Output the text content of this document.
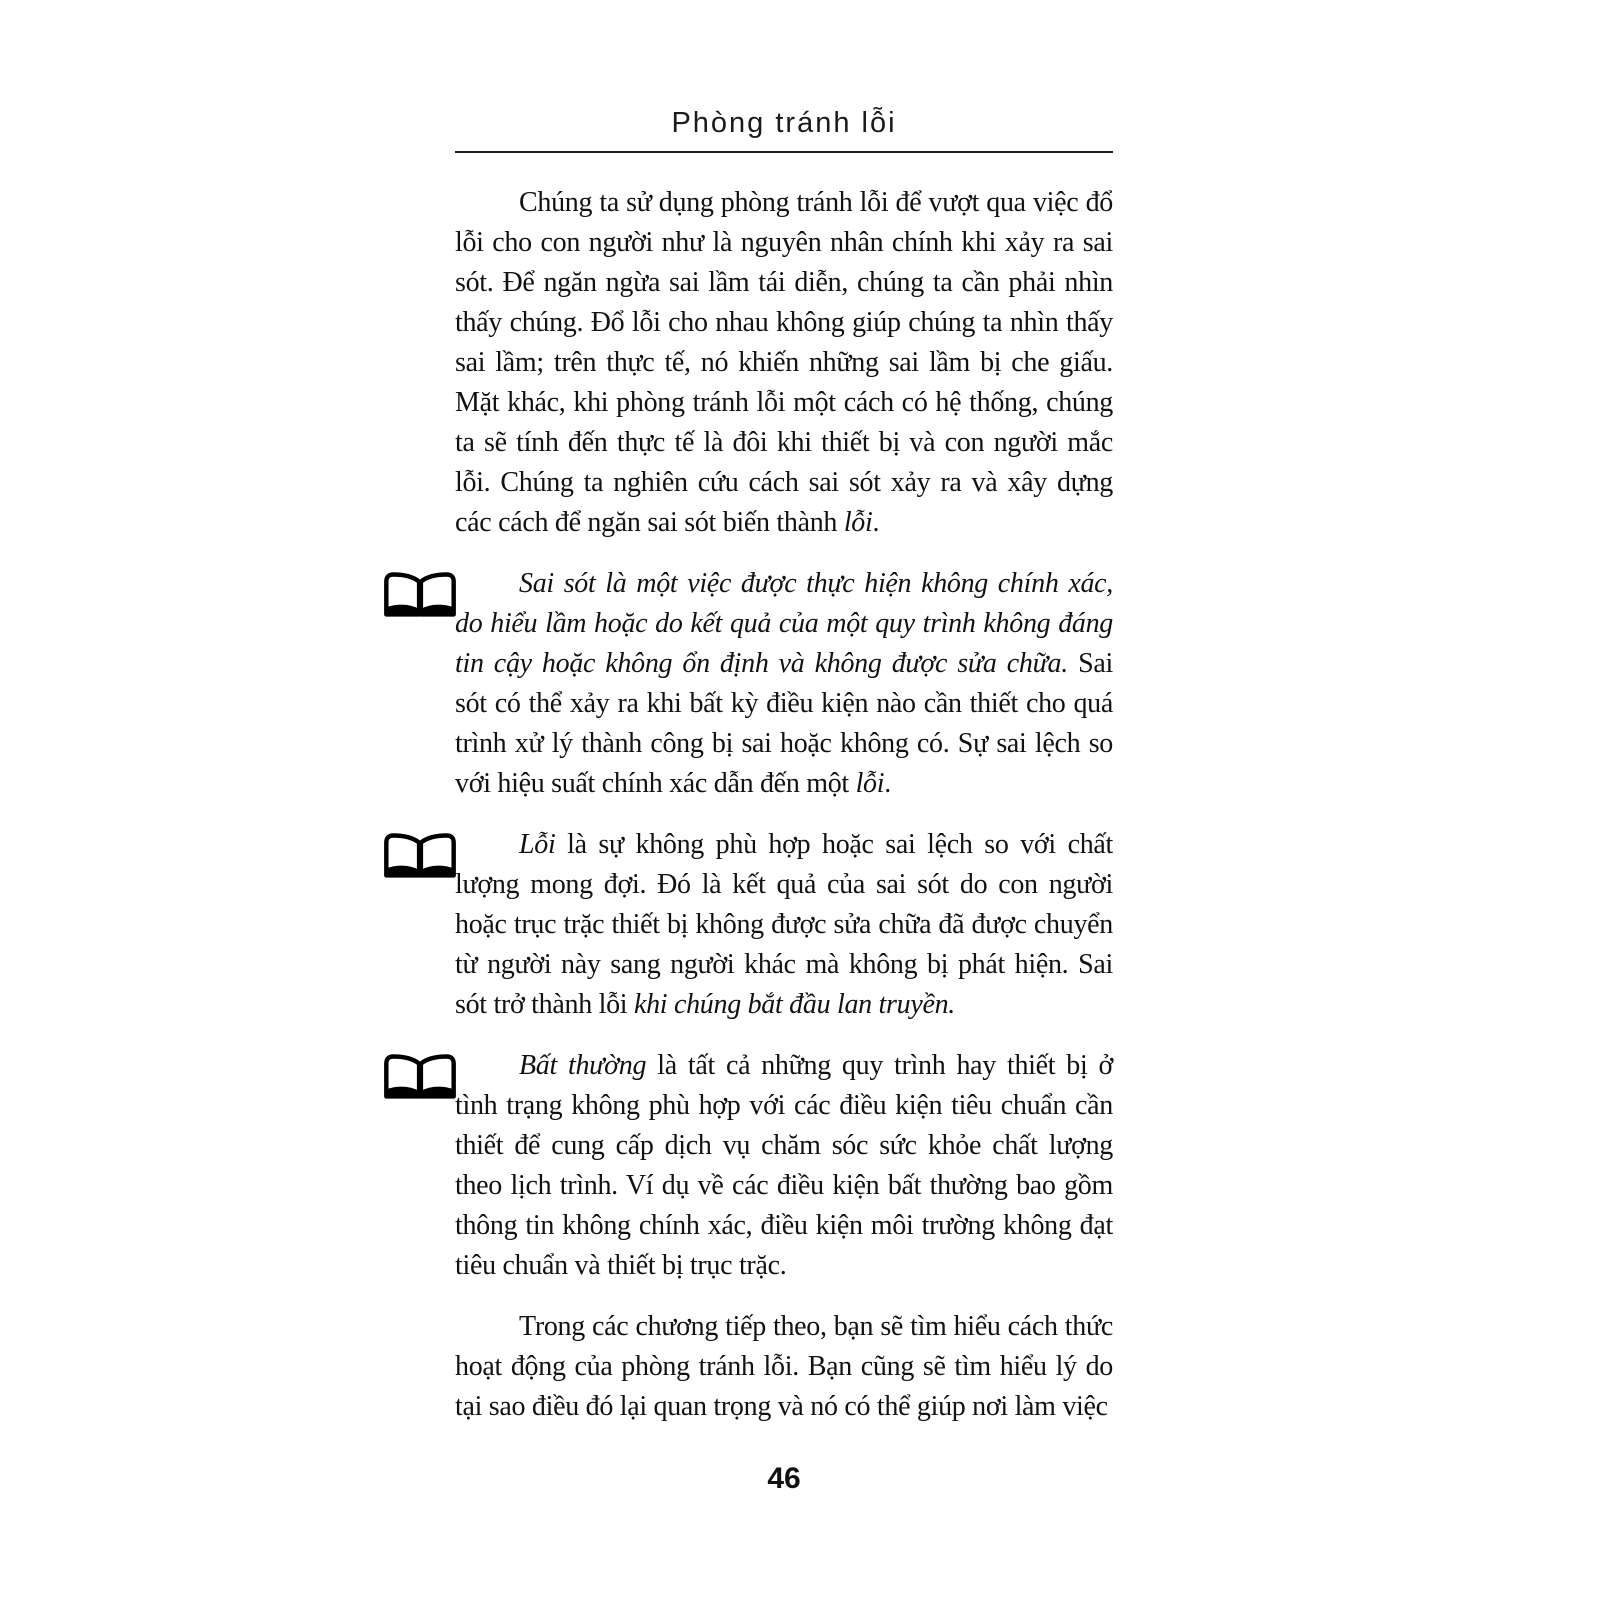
Phòng tránh lỗi

Chúng ta sử dụng phòng tránh lỗi để vượt qua việc đổ lỗi cho con người như là nguyên nhân chính khi xảy ra sai sót. Để ngăn ngừa sai lầm tái diễn, chúng ta cần phải nhìn thấy chúng. Đổ lỗi cho nhau không giúp chúng ta nhìn thấy sai lầm; trên thực tế, nó khiến những sai lầm bị che giấu. Mặt khác, khi phòng tránh lỗi một cách có hệ thống, chúng ta sẽ tính đến thực tế là đôi khi thiết bị và con người mắc lỗi. Chúng ta nghiên cứu cách sai sót xảy ra và xây dựng các cách để ngăn sai sót biến thành lỗi.

Sai sót là một việc được thực hiện không chính xác, do hiểu lầm hoặc do kết quả của một quy trình không đáng tin cậy hoặc không ổn định và không được sửa chữa. Sai sót có thể xảy ra khi bất kỳ điều kiện nào cần thiết cho quá trình xử lý thành công bị sai hoặc không có. Sự sai lệch so với hiệu suất chính xác dẫn đến một lỗi.

Lỗi là sự không phù hợp hoặc sai lệch so với chất lượng mong đợi. Đó là kết quả của sai sót do con người hoặc trục trặc thiết bị không được sửa chữa đã được chuyển từ người này sang người khác mà không bị phát hiện. Sai sót trở thành lỗi khi chúng bắt đầu lan truyền.

Bất thường là tất cả những quy trình hay thiết bị ở tình trạng không phù hợp với các điều kiện tiêu chuẩn cần thiết để cung cấp dịch vụ chăm sóc sức khỏe chất lượng theo lịch trình. Ví dụ về các điều kiện bất thường bao gồm thông tin không chính xác, điều kiện môi trường không đạt tiêu chuẩn và thiết bị trục trặc.

Trong các chương tiếp theo, bạn sẽ tìm hiểu cách thức hoạt động của phòng tránh lỗi. Bạn cũng sẽ tìm hiểu lý do tại sao điều đó lại quan trọng và nó có thể giúp nơi làm việc

46
